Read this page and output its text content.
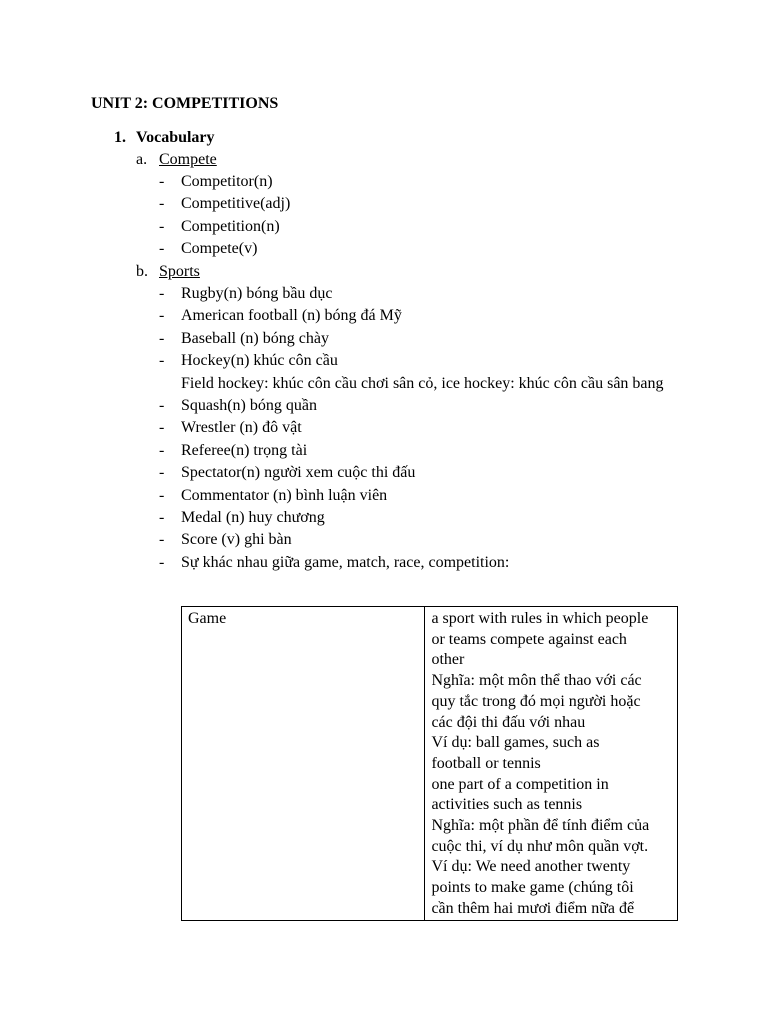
UNIT 2: COMPETITIONS
1. Vocabulary
a. Compete
- Competitor(n)
- Competitive(adj)
- Competition(n)
- Compete(v)
b. Sports
- Rugby(n) bóng bầu dục
- American football (n) bóng đá Mỹ
- Baseball (n) bóng chày
- Hockey(n) khúc côn cầu
Field hockey: khúc côn cầu chơi sân cỏ, ice hockey: khúc côn cầu sân bang
- Squash(n) bóng quần
- Wrestler (n) đô vật
- Referee(n) trọng tài
- Spectator(n) người xem cuộc thi đấu
- Commentator (n) bình luận viên
- Medal (n) huy chương
- Score (v) ghi bàn
- Sự khác nhau giữa game, match, race, competition:
Game	a sport with rules in which people
or teams compete against each
other
Nghĩa: một môn thể thao với các
quy tắc trong đó mọi người hoặc
các đội thi đấu với nhau
Ví dụ: ball games, such as
football or tennis
one part of a competition in
activities such as tennis
Nghĩa: một phần để tính điểm của
cuộc thi, ví dụ như môn quần vợt.
Ví dụ: We need another twenty
points to make game (chúng tôi
cần thêm hai mươi điểm nữa để
